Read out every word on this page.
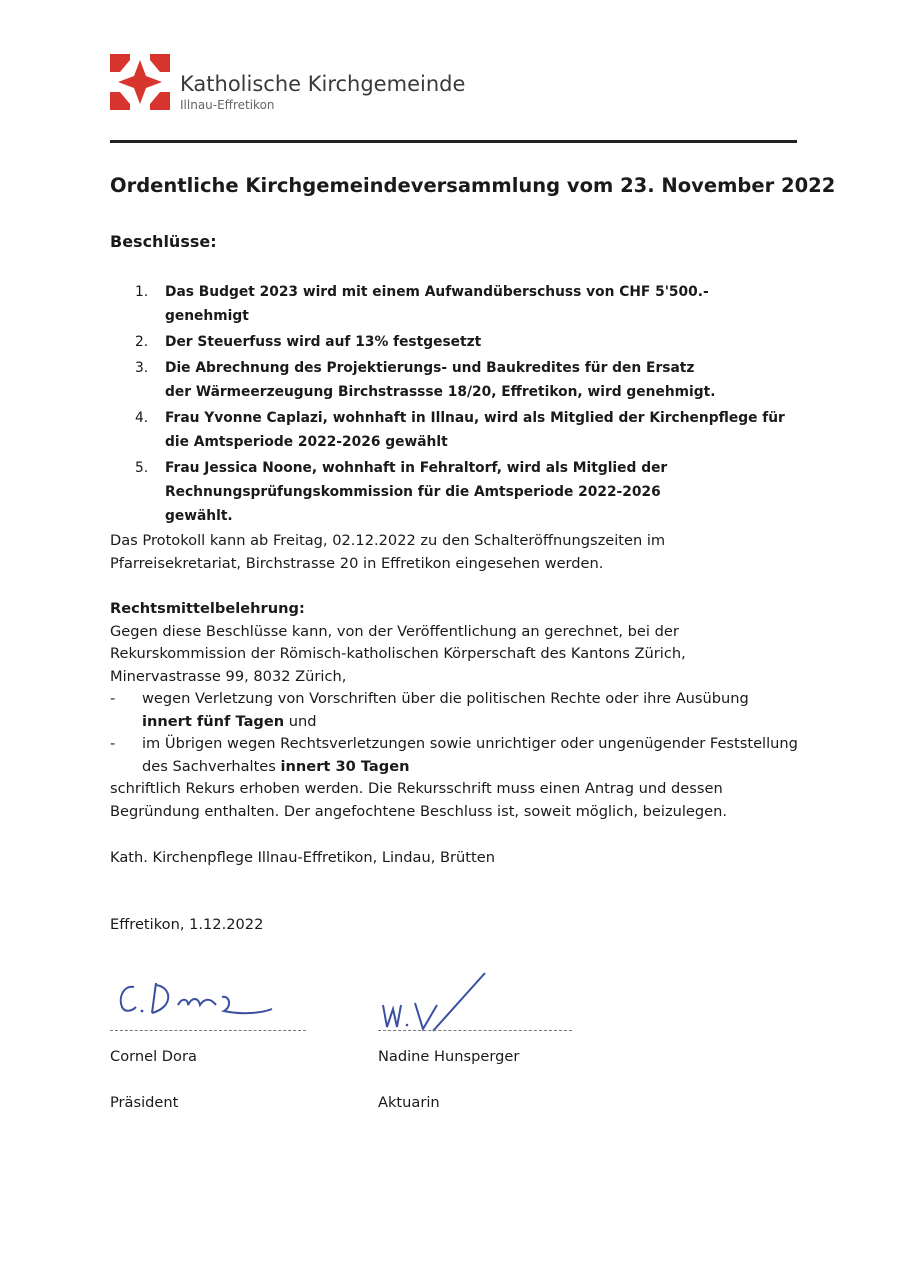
Katholische Kirchgemeinde
Illnau-Effretikon
Ordentliche Kirchgemeindeversammlung vom 23. November 2022
Beschlüsse:
1.	Das Budget 2023 wird mit einem Aufwandüberschuss von CHF 5'500.- genehmigt
2.	Der Steuerfuss wird auf 13% festgesetzt
3.	Die Abrechnung des Projektierungs- und Baukredites für den Ersatz der Wärmeerzeugung Birchstrassse 18/20, Effretikon, wird genehmigt.
4.	Frau Yvonne Caplazi, wohnhaft in Illnau, wird als Mitglied der Kirchenpflege für die Amtsperiode 2022-2026 gewählt
5.	Frau Jessica Noone, wohnhaft in Fehraltorf, wird als Mitglied der Rechnungsprüfungskommission für die Amtsperiode 2022-2026 gewählt.
Das Protokoll kann ab Freitag, 02.12.2022 zu den Schalteröffnungszeiten im Pfarreisekretariat, Birchstrasse 20 in Effretikon eingesehen werden.
Rechtsmittelbelehrung:
Gegen diese Beschlüsse kann, von der Veröffentlichung an gerechnet, bei der Rekurskommission der Römisch-katholischen Körperschaft des Kantons Zürich, Minervastrasse 99, 8032 Zürich,
-	wegen Verletzung von Vorschriften über die politischen Rechte oder ihre Ausübung
innert fünf Tagen und
-	im Übrigen wegen Rechtsverletzungen sowie unrichtiger oder ungenügender Feststellung des Sachverhaltes innert 30 Tagen
schriftlich Rekurs erhoben werden. Die Rekursschrift muss einen Antrag und dessen Begründung enthalten. Der angefochtene Beschluss ist, soweit möglich, beizulegen.
Kath. Kirchenpflege Illnau-Effretikon, Lindau, Brütten
Effretikon, 1.12.2022
Cornel Dora	Nadine Hunsperger
Präsident	Aktuarin
